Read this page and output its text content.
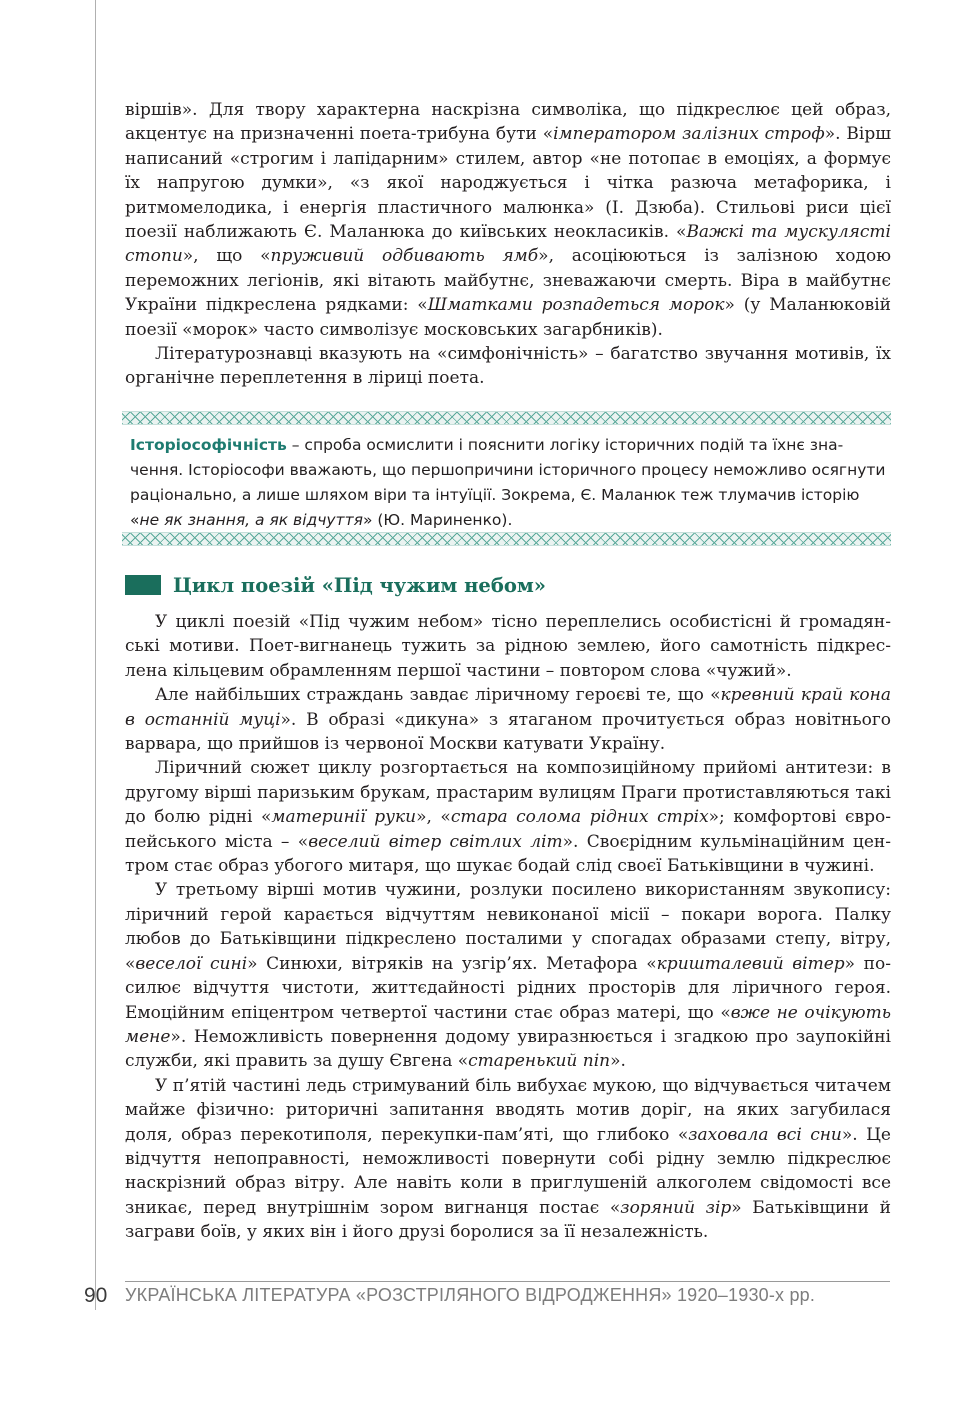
віршів». Для твору характерна наскрізна символіка, що підкреслює цей образ, акцентує на призначенні поета-трибуна бути «імператором залізних строф». Вірш написаний «строгим і лапідарним» стилем, автор «не потопає в емоціях, а формує їх напругою думки», «з якої народжується і чітка разюча метафорика, і ритмомелодика, і енергія пластичного малюнка» (І. Дзюба). Стильові риси цієї поезії наближають Є. Маланюка до київських неокласиків. «Важкі та мускулясті стопи», що «пруживий одбивають ямб», асоціюються із залізною ходою переможних легіонів, які вітають майбутнє, зневажаючи смерть. Віра в майбутнє України підкреслена рядками: «Шматками розпадеться морок» (у Маланюковій поезії «морок» часто символізує московських загарбників).

Літературознавці вказують на «симфонічність» – багатство звучання мотивів, їх органічне переплетення в ліриці поета.

Історіософічність – спроба осмислити і пояснити логіку історичних подій та їхнє значення. Історіософи вважають, що першопричини історичного процесу неможливо осягнути раціонально, а лише шляхом віри та інтуїції. Зокрема, Є. Маланюк теж тлумачив історію «не як знання, а як відчуття» (Ю. Мариненко).
Цикл поезій «Під чужим небом»

У циклі поезій «Під чужим небом» тісно переплелись особистісні й громадянські мотиви. Поет-вигнанець тужить за рідною землею, його самотність підкреслена кільцевим обрамленням першої частини – повтором слова «чужий».

Але найбільших страждань завдає ліричному героєві те, що «кревний край кона в останній муці». В образі «дикуна» з ятаганом прочитується образ новітнього варвара, що прийшов із червоної Москви катувати Україну.

Ліричний сюжет циклу розгортається на композиційному прийомі антитези: в другому вірші паризьким брукам, прастарим вулицям Праги протиставляються такі до болю рідні «материнії руки», «стара солома рідних стріх»; комфортові європейського міста – «веселий вітер світлих літ». Своєрідним кульмінаційним центром стає образ убогого митаря, що шукає бодай слід своєї Батьківщини в чужині.

У третьому вірші мотив чужини, розлуки посилено використанням звукопису: ліричний герой карається відчуттям невиконаної місії – покари ворога. Палку любов до Батьківщини підкреслено посталими у спогадах образами степу, вітру, «веселої сині» Синюхи, вітряків на узгір’ях. Метафора «кришталевий вітер» посилює відчуття чистоти, життєдайності рідних просторів для ліричного героя. Емоційним епіцентром четвертої частини стає образ матері, що «вже не очікують мене». Неможливість повернення додому увиразнюється і згадкою про заупокійні служби, які править за душу Євгена «старенький піп».

У п’ятій частині ледь стримуваний біль вибухає мукою, що відчувається читачем майже фізично: риторичні запитання вводять мотив доріг, на яких загубилася доля, образ перекотиполя, перекупки-пам’яті, що глибоко «заховала всі сни». Це відчуття непоправності, неможливості повернути собі рідну землю підкреслює наскрізний образ вітру. Але навіть коли в приглушеній алкоголем свідомості все зникає, перед внутрішнім зором вигнанця постає «зоряний зір» Батьківщини й заграви боїв, у яких він і його друзі боролися за її незалежність.

90 УКРАЇНСЬКА ЛІТЕРАТУРА «РОЗСТРІЛЯНОГО ВІДРОДЖЕННЯ» 1920–1930-х рр.
